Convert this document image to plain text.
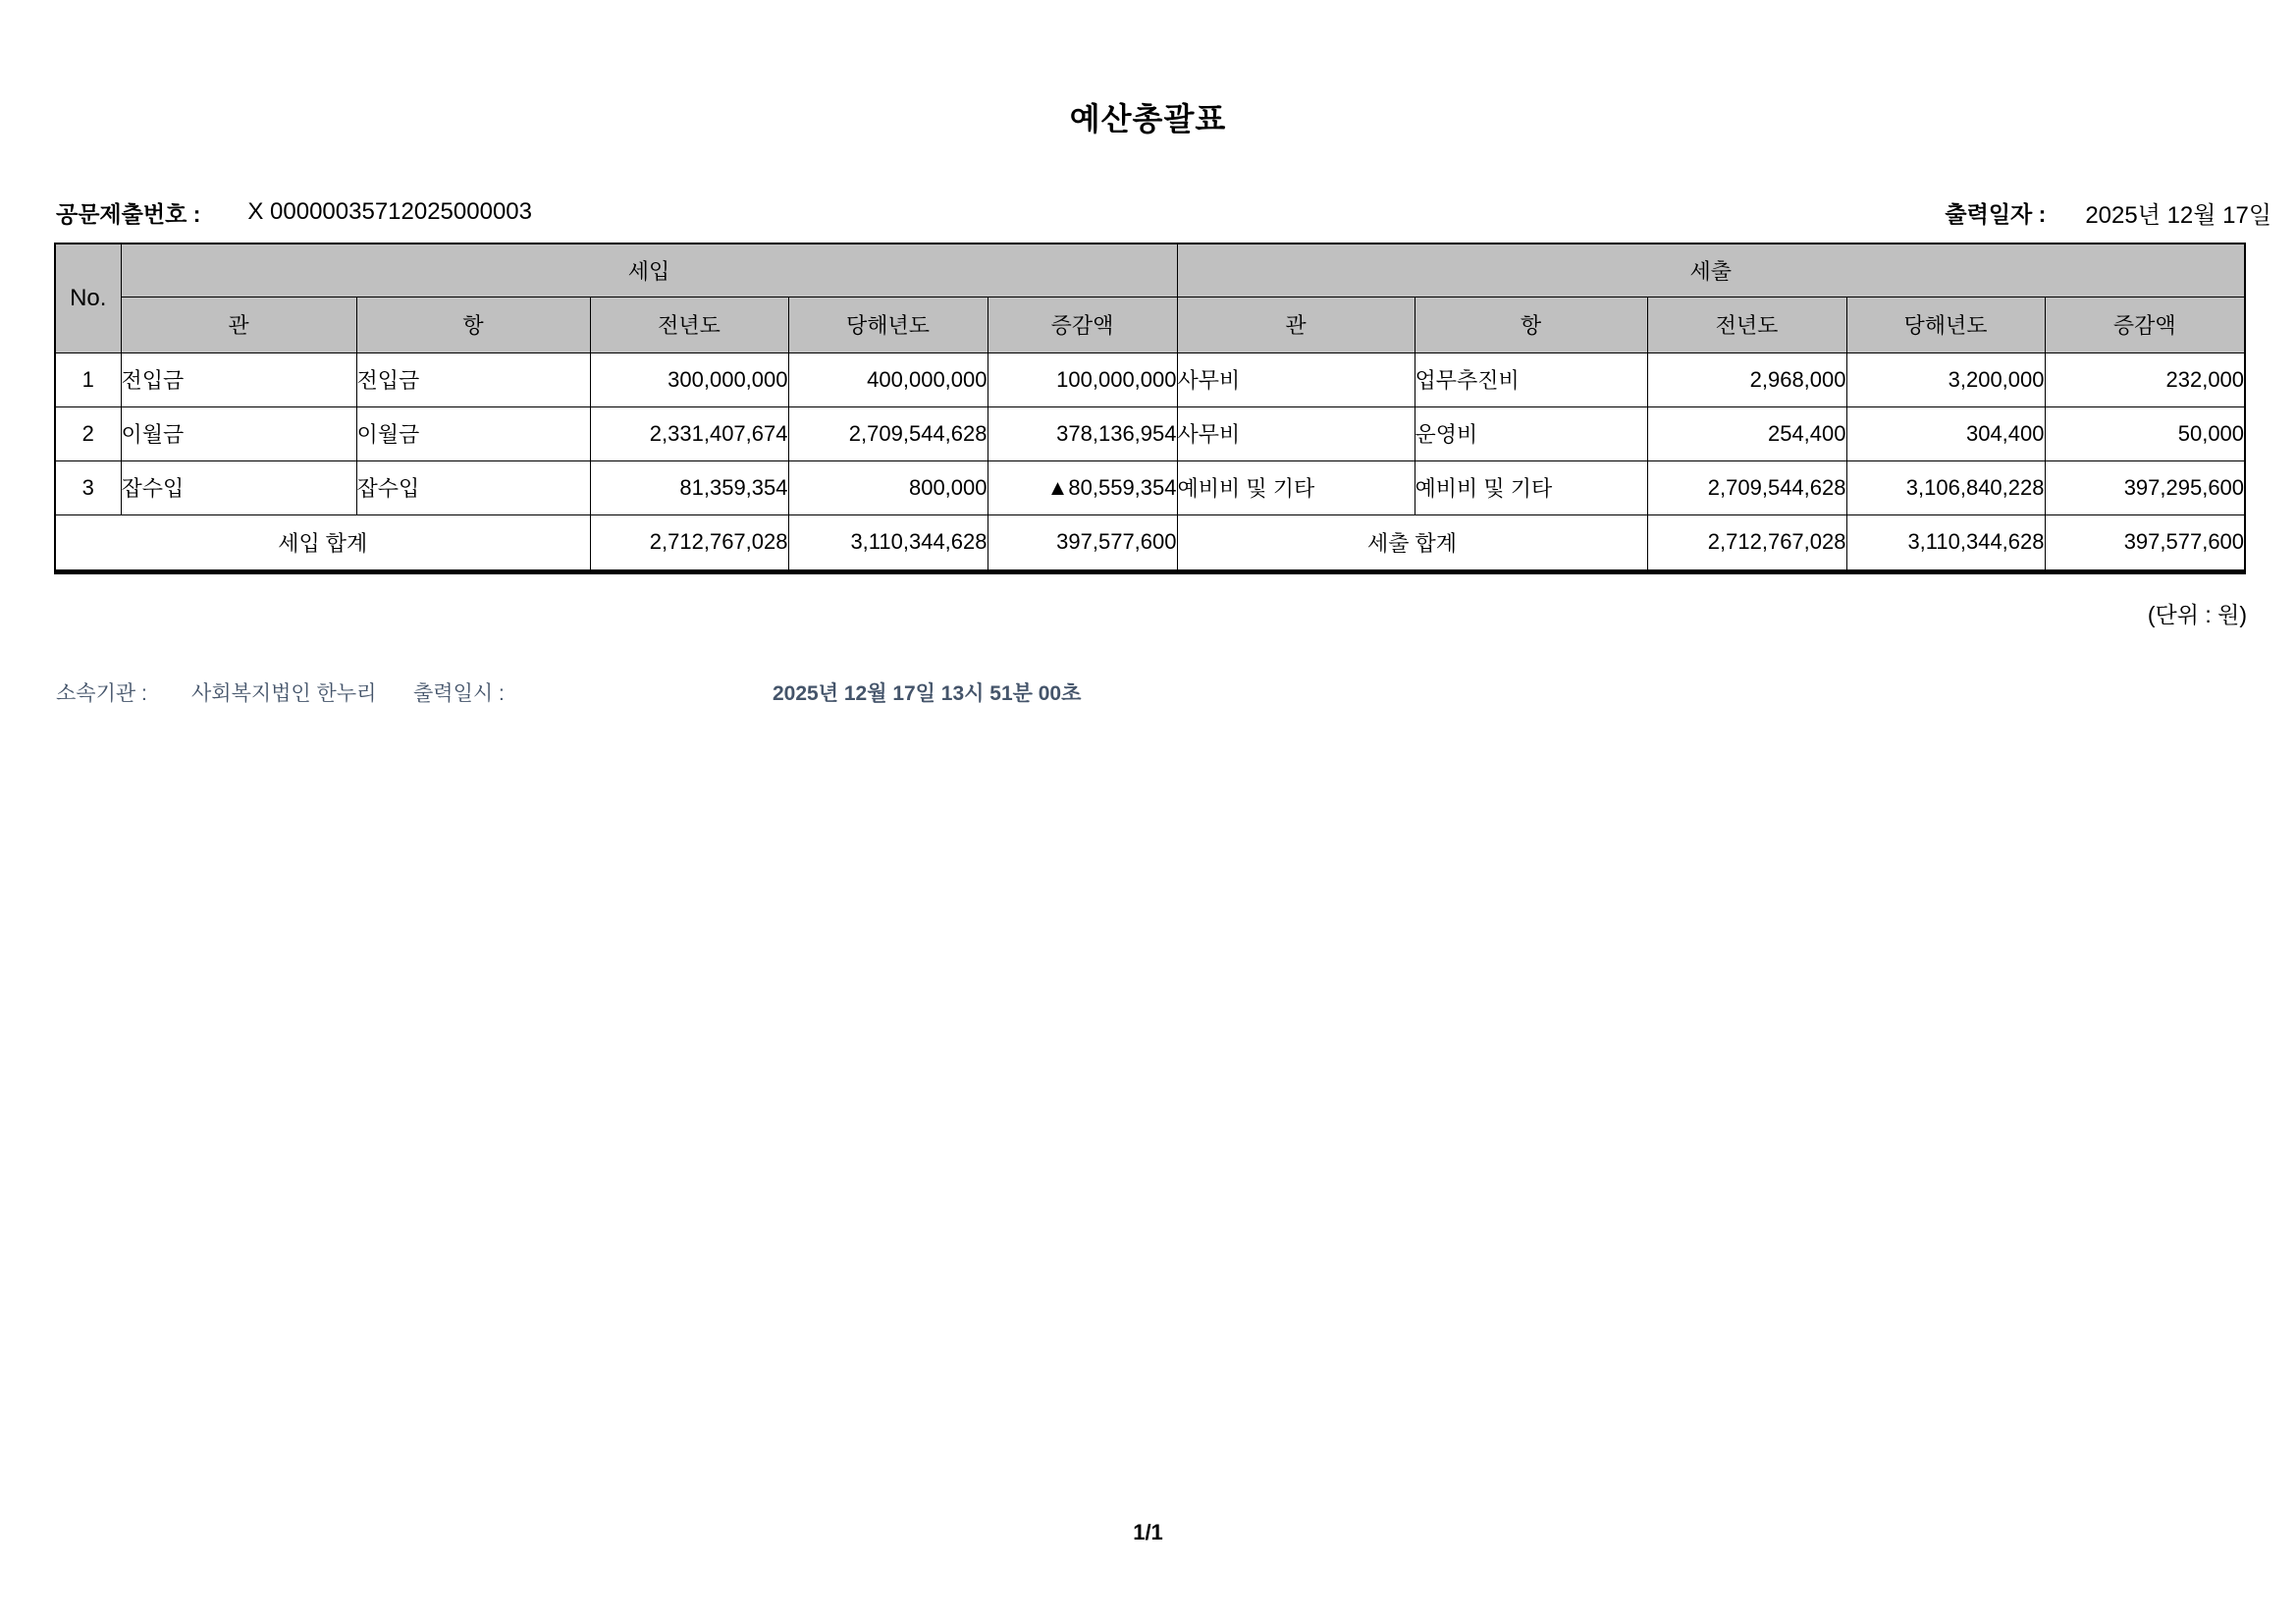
예산총괄표
공문제출번호 : X 00000035712025000003	출력일자 : 2025년 12월 17일
No.	세입					세출				
	관	항	전년도	당해년도	증감액	관	항	전년도	당해년도	증감액
1	전입금	전입금	300,000,000	400,000,000	100,000,000	사무비	업무추진비	2,968,000	3,200,000	232,000
2	이월금	이월금	2,331,407,674	2,709,544,628	378,136,954	사무비	운영비	254,400	304,400	50,000
3	잡수입	잡수입	81,359,354	800,000	▲80,559,354	예비비 및 기타	예비비 및 기타	2,709,544,628	3,106,840,228	397,295,600
세입 합계			2,712,767,028	3,110,344,628	397,577,600	세출 합계		2,712,767,028	3,110,344,628	397,577,600
(단위 : 원)
소속기관 : 사회복지법인 한누리 출력일시 :	2025년 12월 17일 13시 51분 00초
1/1
